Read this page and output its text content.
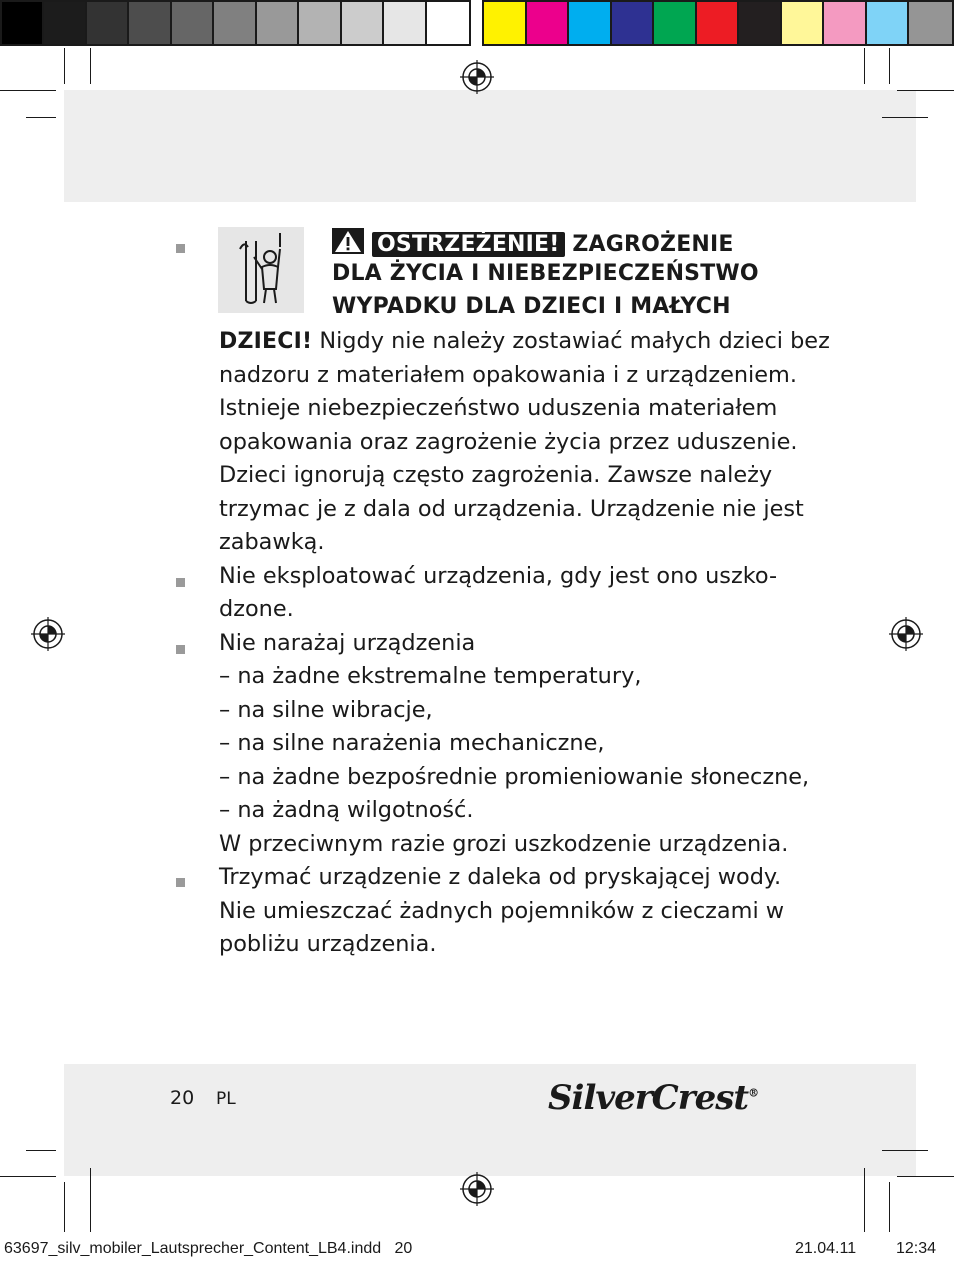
OSTRZEŻENIE! ZAGROŻENIE
DLA ŻYCIA I NIEBEZPIECZEŃSTWO
WYPADKU DLA DZIECI I MAŁYCH
DZIECI! Nigdy nie należy zostawiać małych dzieci bez
nadzoru z materiałem opakowania i z urządzeniem.
Istnieje niebezpieczeństwo uduszenia materiałem
opakowania oraz zagrożenie życia przez uduszenie.
Dzieci ignorują często zagrożenia. Zawsze należy
trzymac je z dala od urządzenia. Urządzenie nie jest
zabawką.
Nie eksploatować urządzenia, gdy jest ono uszko-
dzone.
Nie narażaj urządzenia
– na żadne ekstremalne temperatury,
– na silne wibracje,
– na silne narażenia mechaniczne,
– na żadne bezpośrednie promieniowanie słoneczne,
– na żadną wilgotność.
W przeciwnym razie grozi uszkodzenie urządzenia.
Trzymać urządzenie z daleka od pryskającej wody.
Nie umieszczać żadnych pojemników z cieczami w
pobliżu urządzenia.
20 PL	SilverCrest®
63697_silv_mobiler_Lautsprecher_Content_LB4.indd   20	21.04.11 12:34
